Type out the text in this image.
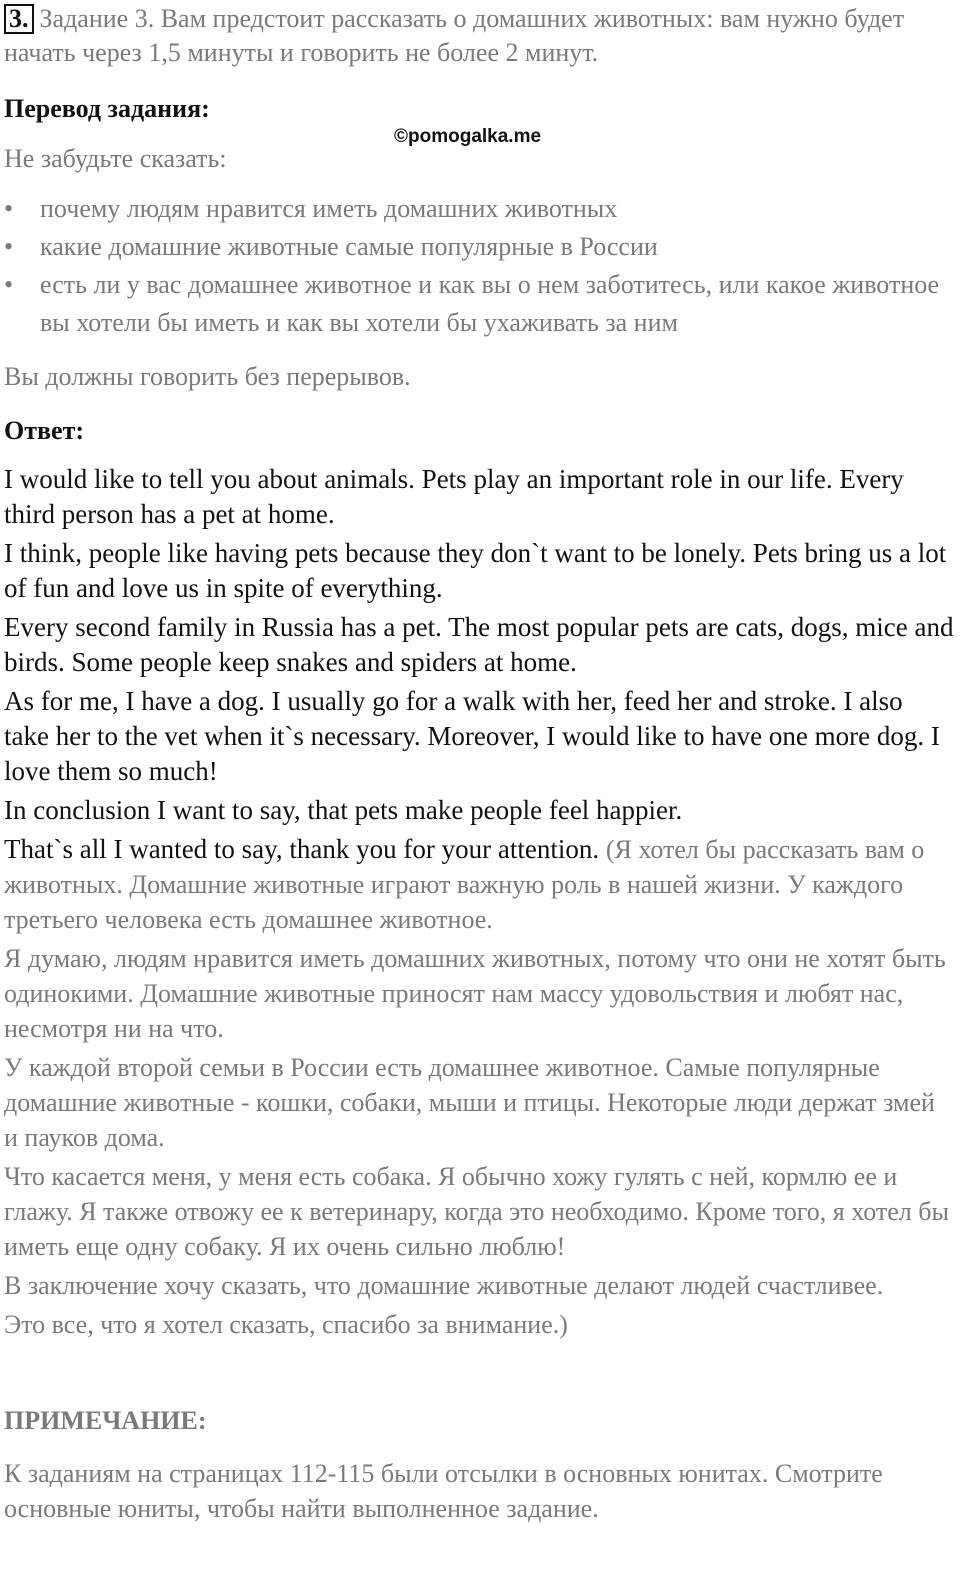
3. Задание 3. Вам предстоит рассказать о домашних животных: вам нужно будет начать через 1,5 минуты и говорить не более 2 минут.

Перевод задания:

Не забудьте сказать:

• почему людям нравится иметь домашних животных
• какие домашние животные самые популярные в России
• есть ли у вас домашнее животное и как вы о нем заботитесь, или какое животное вы хотели бы иметь и как вы хотели бы ухаживать за ним

Вы должны говорить без перерывов.

Ответ:

I would like to tell you about animals. Pets play an important role in our life. Every third person has a pet at home.

I think, people like having pets because they don`t want to be lonely. Pets bring us a lot of fun and love us in spite of everything.

Every second family in Russia has a pet. The most popular pets are cats, dogs, mice and birds. Some people keep snakes and spiders at home.

As for me, I have a dog. I usually go for a walk with her, feed her and stroke. I also take her to the vet when it`s necessary. Moreover, I would like to have one more dog. I love them so much!

In conclusion I want to say, that pets make people feel happier.

That`s all I wanted to say, thank you for your attention. (Я хотел бы рассказать вам о животных. Домашние животные играют важную роль в нашей жизни. У каждого третьего человека есть домашнее животное.

Я думаю, людям нравится иметь домашних животных, потому что они не хотят быть одинокими. Домашние животные приносят нам массу удовольствия и любят нас, несмотря ни на что.

У каждой второй семьи в России есть домашнее животное. Самые популярные домашние животные - кошки, собаки, мыши и птицы. Некоторые люди держат змей и пауков дома.

Что касается меня, у меня есть собака. Я обычно хожу гулять с ней, кормлю ее и глажу. Я также отвожу ее к ветеринару, когда это необходимо. Кроме того, я хотел бы иметь еще одну собаку. Я их очень сильно люблю!

В заключение хочу сказать, что домашние животные делают людей счастливее.

Это все, что я хотел сказать, спасибо за внимание.)

ПРИМЕЧАНИЕ:

К заданиям на страницах 112-115 были отсылки в основных юнитах. Смотрите основные юниты, чтобы найти выполненное задание.

©pomogalka.me
